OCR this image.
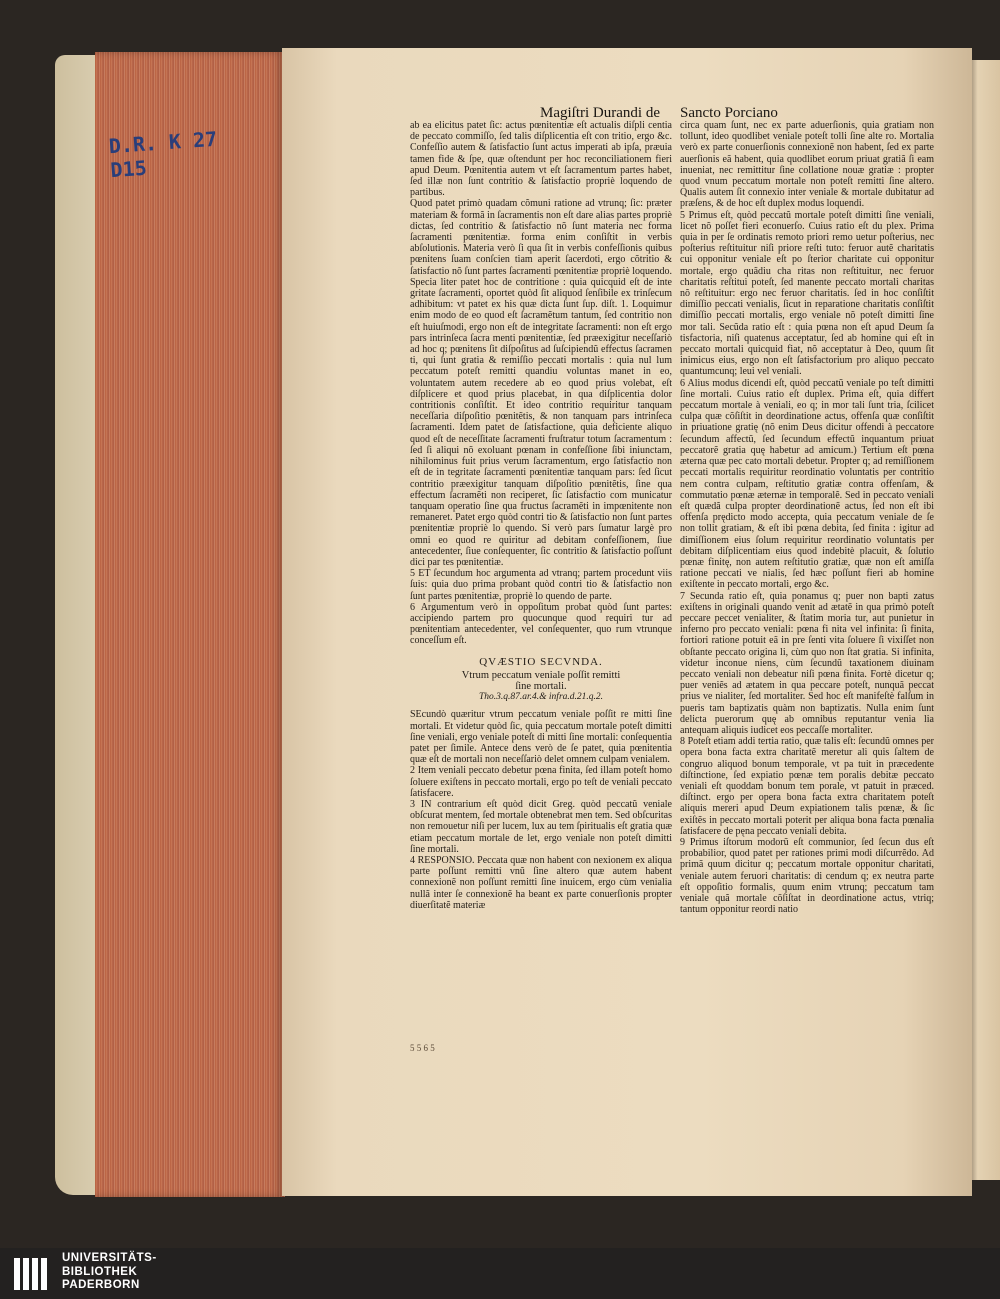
D.R. K 27
D15
Magiſtri Durandi de Sancto Porciano

ab ea elicitus patet ſic: actus pœnitentiæ eſt actualis diſpli centia de peccato commiſſo, ſed talis diſplicentia eſt con tritio, ergo &c. Confeſſio autem & ſatisfactio ſunt actus imperati ab ipſa, præuia tamen fide & ſpe, quæ oſtendunt per hoc reconciliationem fieri apud Deum. Pœnitentia autem vt eſt ſacramentum partes habet, ſed illæ non ſunt contritio & ſatisfactio propriè loquendo de partibus.

Quod patet primò quadam cõmuni ratione ad vtrunq; ſic: præter materiam & formã in ſacramentis non eſt dare alias partes propriè dictas, ſed contritio & ſatisfactio nõ ſunt materia nec forma ſacramenti pœnitentiæ. forma enim conſiſtit in verbis abſolutionis. Materia verò ſi qua ſit in verbis confeſſionis quibus pœnitens ſuam conſcien tiam aperit ſacerdoti, ergo cõtritio & ſatisfactio nõ ſunt partes ſacramenti pœnitentiæ propriè loquendo. Specia liter patet hoc de contritione : quia quicquid eſt de inte gritate ſacramenti, oportet quòd ſit aliquod ſenſibile ex trinſecum adhibitum: vt patet ex his quæ dicta ſunt ſup. diſt. 1. Loquimur enim modo de eo quod eſt ſacramẽtum tantum, ſed contritio non eſt huiuſmodi, ergo non eſt de integritate ſacramenti: non eſt ergo pars intrinſeca ſacra menti pœnitentiæ, ſed præexigitur neceſſariò ad hoc q; pœnitens ſit diſpoſitus ad ſuſcipiendũ effectus ſacramen ti, qui ſunt gratia & remiſſio peccati mortalis : quia nul lum peccatum poteſt remitti quandiu voluntas manet in eo, voluntatem autem recedere ab eo quod prius volebat, eſt diſplicere et quod prius placebat, in qua diſplicentia dolor contritionis conſiſtit. Et ideo contritio requiritur tanquam neceſſaria diſpoſitio pœnitẽtis, & non tanquam pars intrinſeca ſacramenti. Idem patet de ſatisfactione, quia deficiente aliquo quod eſt de neceſſitate ſacramenti fruſtratur totum ſacramentum : ſed ſi aliqui nõ exoluant pœnam in confeſſione ſibi iniunctam, nihilominus fuit prius verum ſacramentum, ergo ſatisfactio non eſt de in tegritate ſacramenti pœnitentiæ tanquam pars: ſed ſicut contritio præexigitur tanquam diſpoſitio pœnitẽtis, ſine qua effectum ſacramẽti non reciperet, ſic ſatisfactio com municatur tanquam operatio ſine qua fructus ſacramẽti in impœnitente non remaneret. Patet ergo quòd contri tio & ſatisfactio non ſunt partes pœnitentiæ propriè lo quendo. Si verò pars ſumatur largè pro omni eo quod re quiritur ad debitam confeſſionem, ſiue antecedenter, ſiue conſequenter, ſic contritio & ſatisfactio poſſunt dici par tes pœnitentiæ.

5 ET ſecundum hoc argumenta ad vtranq; partem procedunt viis ſuis: quia duo prima probant quòd contri tio & ſatisfactio non ſunt partes pœnitentiæ, propriè lo quendo de parte.

6 Argumentum verò in oppoſitum probat quòd ſunt partes: accipiendo partem pro quocunque quod requiri tur ad pœnitentiam antecedenter, vel conſequenter, quo rum vtrunque conceſſum eſt.

QVÆSTIO SECVNDA.
Vtrum peccatum veniale poſſit remitti
ſine mortali.
Tho.3.q.87.ar.4.& infra.d.21.q.2.

SEcundò quæritur vtrum peccatum veniale poſſit re mitti ſine mortali. Et videtur quòd ſic, quia peccatum mortale poteſt dimitti ſine veniali, ergo veniale poteſt di mitti ſine mortali: conſequentia patet per ſimile. Antece dens verò de ſe patet, quia pœnitentia quæ eſt de mortali non neceſſariò delet omnem culpam venialem.

2 Item veniali peccato debetur pœna finita, ſed illam poteſt homo ſoluere exiſtens in peccato mortali, ergo po teſt de veniali peccato ſatisfacere.

3 IN contrarium eſt quòd dicit Greg. quòd peccatũ veniale obſcurat mentem, ſed mortale obtenebrat men tem. Sed obſcuritas non remouetur niſi per lucem, lux au tem ſpiritualis eſt gratia quæ etiam peccatum mortale de let, ergo veniale non poteſt dimitti ſine mortali.

4 RESPONSIO. Peccata quæ non habent con nexionem ex aliqua parte poſſunt remitti vnũ ſine altero quæ autem habent connexionẽ non poſſunt remitti ſine inuicem, ergo cùm venialia nullã inter ſe connexionẽ ha beant ex parte conuerſionis propter diuerſitatẽ materiæ

circa quam ſunt, nec ex parte aduerſionis, quia gratiam non tollunt, ideo quodlibet veniale poteſt tolli ſine alte ro. Mortalia verò ex parte conuerſionis connexionẽ non habent, ſed ex parte auerſionis eã habent, quia quodlibet eorum priuat gratiã ſi eam inueniat, nec remittitur ſine collatione nouæ gratiæ : propter quod vnum peccatum mortale non poteſt remitti ſine altero. Qualis autem ſit connexio inter veniale & mortale dubitatur ad præſens, & de hoc eſt duplex modus loquendi.

5 Primus eſt, quòd peccatũ mortale poteſt dimitti ſine veniali, licet nõ poſſet fieri econuerſo. Cuius ratio eſt du plex. Prima quia in per ſe ordinatis remoto priori remo uetur poſterius, nec poſterius reſtituitur niſi priore reſti tuto: feruor autẽ charitatis cui opponitur veniale eſt po ſterior charitate cui opponitur mortale, ergo quãdiu cha ritas non reſtituitur, nec feruor charitatis reſtitui poteſt, ſed manente peccato mortali charitas nõ reſtituitur: ergo nec feruor charitatis. ſed in hoc conſiſtit dimiſſio peccati venialis, ſicut in reparatione charitatis conſiſtit dimiſſio peccati mortalis, ergo veniale nõ poteſt dimitti ſine mor tali. Secũda ratio eſt : quia pœna non eſt apud Deum ſa tisfactoria, niſi quatenus acceptatur, ſed ab homine qui eſt in peccato mortali quicquid fiat, nõ acceptatur à Deo, quum ſit inimicus eius, ergo non eſt ſatisfactorium pro aliquo peccato quantumcunq; leui vel veniali.

6 Alius modus dicendi eſt, quòd peccatũ veniale po teſt dimitti ſine mortali. Cuius ratio eſt duplex. Prima eſt, quia differt peccatum mortale à veniali, eo q; in mor tali ſunt tria, ſcilicet culpa quæ cõſiſtit in deordinatione actus, offenſa quæ conſiſtit in priuatione gratię (nõ enim Deus dicitur offendi à peccatore ſecundum affectũ, ſed ſecundum effectũ inquantum priuat peccatorẽ gratia quę habetur ad amicum.) Tertium eſt pœna æterna quæ pec cato mortali debetur. Propter q; ad remiſſionem peccati mortalis requiritur reordinatio voluntatis per contritio nem contra culpam, reſtitutio gratiæ contra offenſam, & commutatio pœnæ æternæ in temporalẽ. Sed in peccato veniali eſt quædã culpa propter deordinationẽ actus, ſed non eſt ibi offenſa prędicto modo accepta, quia peccatum veniale de ſe non tollit gratiam, & eſt ibi pœna debita, ſed finita : igitur ad dimiſſionem eius ſolum requiritur reordinatio voluntatis per debitam diſplicentiam eius quod indebitè placuit, & ſolutio pœnæ finitę, non autem reſtitutio gratiæ, quæ non eſt amiſſa ratione peccati ve nialis, ſed hæc poſſunt fieri ab homine exiſtente in peccato mortali, ergo &c.

7 Secunda ratio eſt, quia ponamus q; puer non bapti zatus exiſtens in originali quando venit ad ætatẽ in qua primò poteſt peccare peccet venialiter, & ſtatim moria tur, aut punietur in inferno pro peccato veniali: pœna fi nita vel infinita: ſi finita, fortiori ratione potuit eã in pre ſenti vita ſoluere ſi vixiſſet non obſtante peccato origina li, cùm quo non ſtat gratia. Si infinita, videtur inconue niens, cùm ſecundũ taxationem diuinam peccato veniali non debeatur niſi pœna finita. Fortè dicetur q; puer veniẽs ad ætatem in qua peccare poteſt, nunquã peccat prius ve nialiter, ſed mortaliter. Sed hoc eſt manifeſtè falſum in pueris tam baptizatis quàm non baptizatis. Nulla enim ſunt delicta puerorum quę ab omnibus reputantur venia lia antequam aliquis iudicet eos peccaſſe mortaliter.

8 Poteſt etiam addi tertia ratio, quæ talis eſt: ſecundũ omnes per opera bona facta extra charitatẽ meretur ali quis ſaltem de congruo aliquod bonum temporale, vt pa tuit in præcedente diſtinctione, ſed expiatio pœnæ tem poralis debitæ peccato veniali eſt quoddam bonum tem porale, vt patuit in præced. diſtinct. ergo per opera bona facta extra charitatem poteſt aliquis mereri apud Deum expiationem talis pœnæ, & ſic exiſtẽs in peccato mortali poterit per aliqua bona facta pœnalia ſatisfacere de pęna peccato veniali debita.

9 Primus iſtorum modorũ eſt communior, ſed ſecun dus eſt probabilior, quod patet per rationes primi modi diſcurrẽdo. Ad primã quum dicitur q; peccatum mortale opponitur charitati, veniale autem feruori charitatis: di cendum q; ex neutra parte eſt oppoſitio formalis, quum enim vtrunq; peccatum tam veniale quã mortale cõſiſtat in deordinatione actus, vtriq; tantum opponitur reordi natio

5 5 6 5
UNIVERSITÄTS-
BIBLIOTHEK
PADERBORN
